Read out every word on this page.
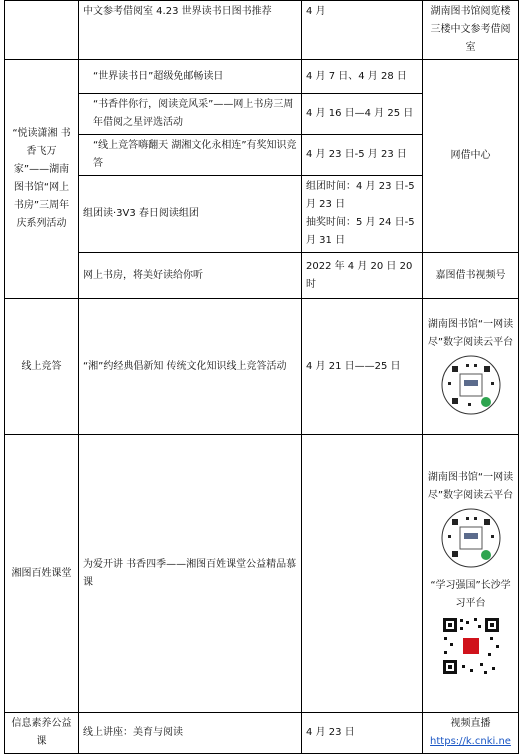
	中文参考借阅室 4.23 世界读书日图书推荐	4 月	湖南图书馆阅览楼三楼中文参考借阅室
“悦读潇湘 书香飞万家”——湖南图书馆“网上书房”三周年庆系列活动	“世界读书日”超级免邮畅读日	4 月 7 日、4 月 28 日	网借中心
	“书香伴你行，阅读竞风采”——网上书房三周年借阅之星评选活动	4 月 16 日—4 月 25 日	
	“线上竞答嗨翻天 湖湘文化永相连”有奖知识竞答	4 月 23 日-5 月 23 日	
	组团读·3V3 春日阅读组团	组团时间：4 月 23 日-5 月 23 日
抽奖时间：5 月 24 日-5 月 31 日	
	网上书房，将美好读给你听	2022 年 4 月 20 日 20 时	嘉图借书视频号
线上竞答	“湘”约经典倡新知 传统文化知识线上竞答活动	4 月 21 日——25 日	湖南图书馆“一网读尽”数字阅读云平台

湘图百姓课堂	为爱开讲 书香四季——湘图百姓课堂公益精品慕课		湖南图书馆“一网读尽”数字阅读云平台
“学习强国”长沙学习平台

信息素养公益课	线上讲座：美育与阅读	4 月 23 日	视频直播
https://k.cnki.ne
